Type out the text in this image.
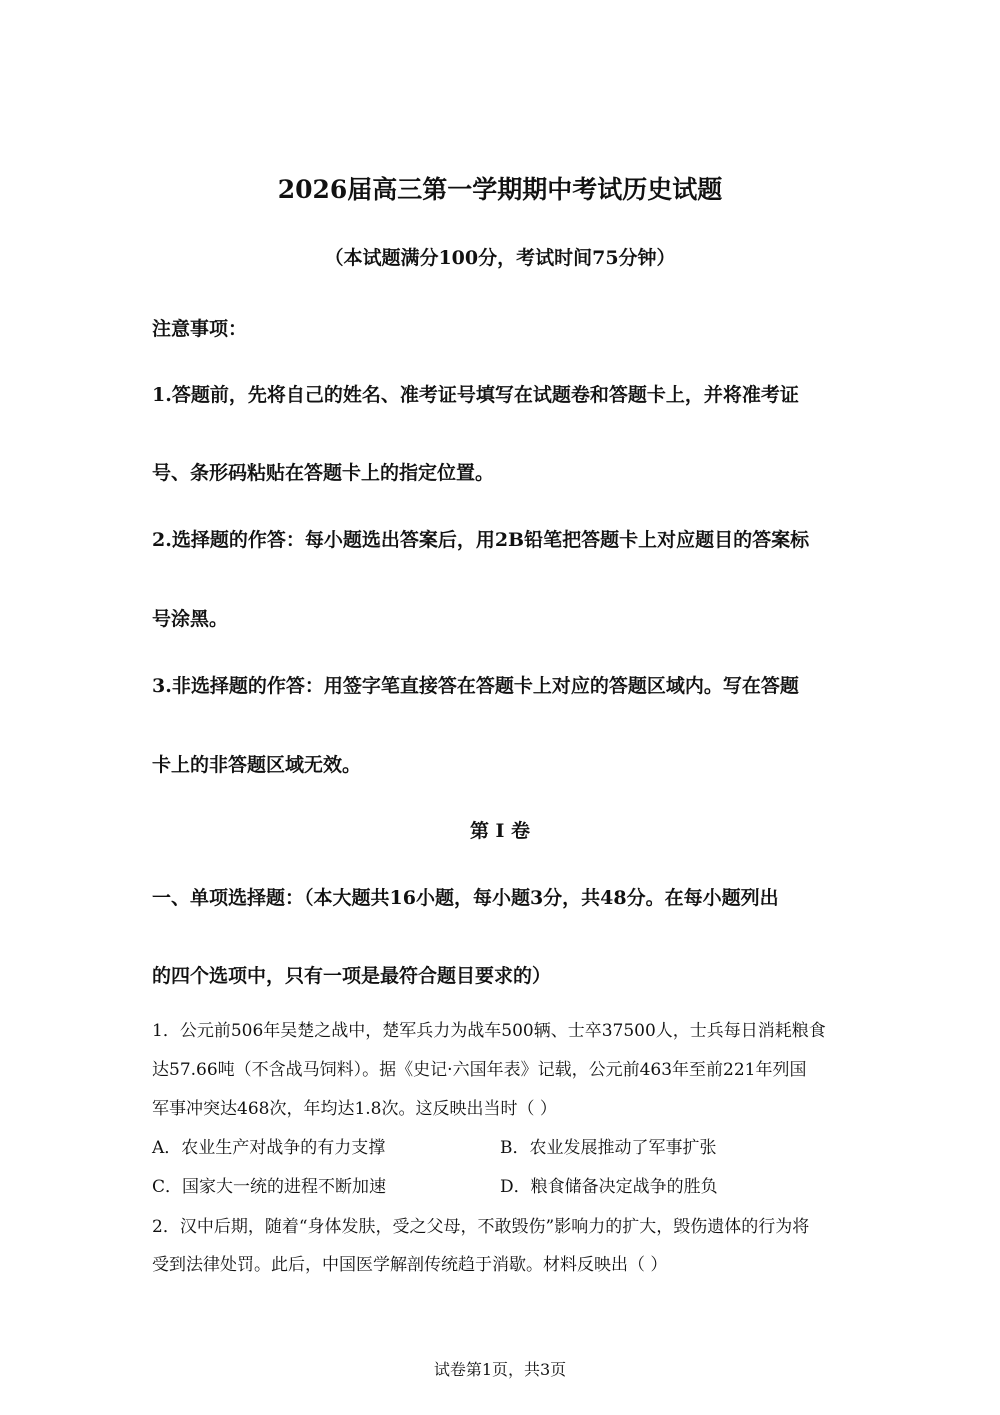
2026届高三第一学期期中考试历史试题
（本试题满分100分，考试时间75分钟）
注意事项：
1.答题前，先将自己的姓名、准考证号填写在试题卷和答题卡上，并将准考证
号、条形码粘贴在答题卡上的指定位置。
2.选择题的作答：每小题选出答案后，用2B铅笔把答题卡上对应题目的答案标
号涂黑。
3.非选择题的作答：用签字笔直接答在答题卡上对应的答题区域内。写在答题
卡上的非答题区域无效。
第 I 卷
一、单项选择题：（本大题共16小题，每小题3分，共48分。在每小题列出
的四个选项中，只有一项是最符合题目要求的）
1．公元前506年吴楚之战中，楚军兵力为战车500辆、士卒37500人，士兵每日消耗粮食
达57.66吨（不含战马饲料）。据《史记·六国年表》记载，公元前463年至前221年列国
军事冲突达468次，年均达1.8次。这反映出当时（ ）
A．农业生产对战争的有力支撑	B．农业发展推动了军事扩张
C．国家大一统的进程不断加速	D．粮食储备决定战争的胜负
2．汉中后期，随着“身体发肤，受之父母，不敢毁伤”影响力的扩大，毁伤遗体的行为将
受到法律处罚。此后，中国医学解剖传统趋于消歇。材料反映出（ ）
试卷第1页，共3页
